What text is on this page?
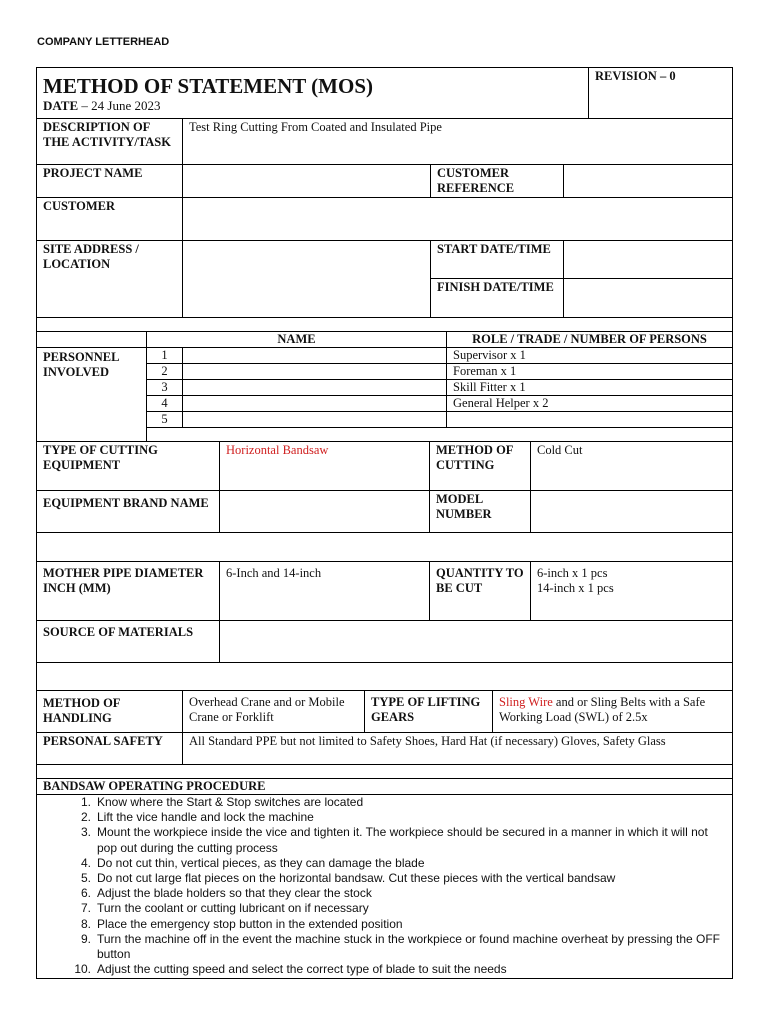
COMPANY LETTERHEAD
METHOD OF STATEMENT (MOS)
DATE – 24 June 2023
	REVISION – 0
DESCRIPTION OF THE ACTIVITY/TASK	Test Ring Cutting From Coated and Insulated Pipe		
PROJECT NAME		CUSTOMER REFERENCE	
CUSTOMER			
SITE ADDRESS / LOCATION		START DATE/TIME	
		FINISH DATE/TIME	

	NAME		ROLE / TRADE / NUMBER OF PERSONS
PERSONNEL INVOLVED	1		Supervisor x 1
	2		Foreman x 1
	3		Skill Fitter x 1
	4		General Helper x 2
	5		

TYPE OF CUTTING EQUIPMENT	Horizontal Bandsaw	METHOD OF CUTTING	Cold Cut
EQUIPMENT BRAND NAME		MODEL NUMBER	

MOTHER PIPE DIAMETER INCH (MM)	6-Inch and 14-inch	QUANTITY TO BE CUT	6-inch x 1 pcs
14-inch x 1 pcs

SOURCE OF MATERIALS			

METHOD OF HANDLING	Overhead Crane and or Mobile Crane or Forklift	TYPE OF LIFTING GEARS	Sling Wire and or Sling Belts with a Safe Working Load (SWL) of 2.5x
PERSONAL SAFETY	All Standard PPE but not limited to Safety Shoes, Hard Hat (if necessary) Gloves, Safety Glass		

BANDSAW OPERATING PROCEDURE

1. Know where the Start & Stop switches are located
2. Lift the vice handle and lock the machine
3. Mount the workpiece inside the vice and tighten it. The workpiece should be secured in a manner in which it will not pop out during the cutting process
4. Do not cut thin, vertical pieces, as they can damage the blade
5. Do not cut large flat pieces on the horizontal bandsaw. Cut these pieces with the vertical bandsaw
6. Adjust the blade holders so that they clear the stock
7. Turn the coolant or cutting lubricant on if necessary
8. Place the emergency stop button in the extended position
9. Turn the machine off in the event the machine stuck in the workpiece or found machine overheat by pressing the OFF button
10. Adjust the cutting speed and select the correct type of blade to suit the needs
